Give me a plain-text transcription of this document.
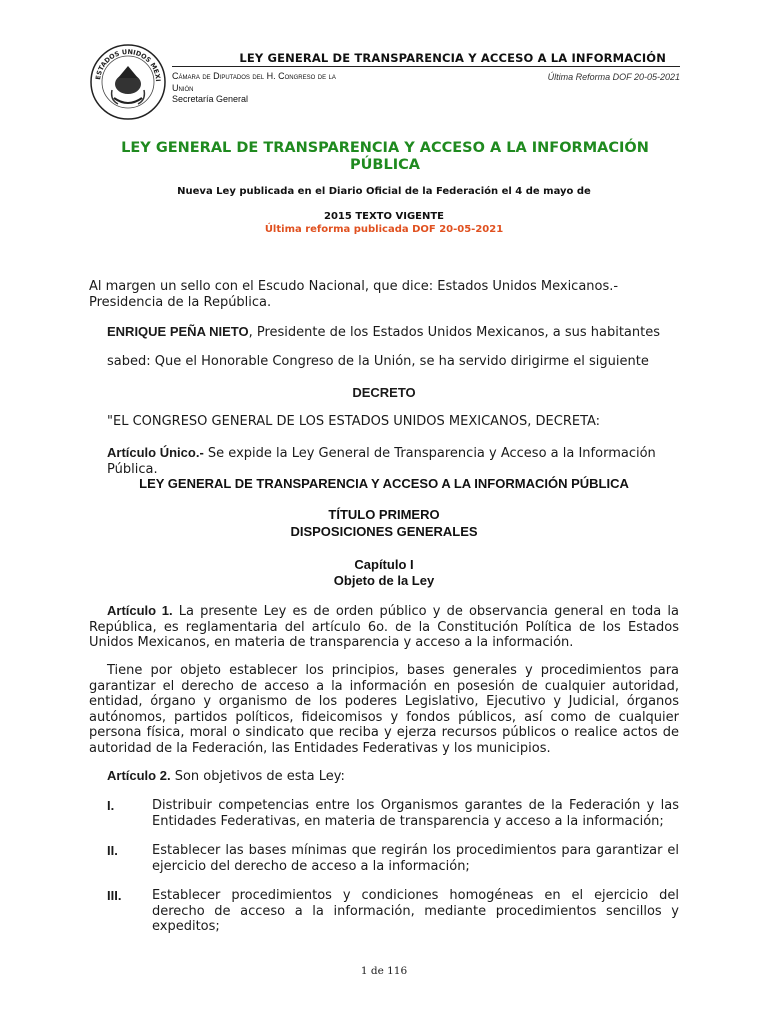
ESTADOS UNIDOS MEXI
LEY GENERAL DE TRANSPARENCIA Y ACCESO A LA INFORMACIÓN
Cámara de Diputados del H. Congreso de la
Unión
Secretaría General
Última Reforma DOF 20-05-2021
LEY GENERAL DE TRANSPARENCIA Y ACCESO A LA INFORMACIÓN
PÚBLICA
Nueva Ley publicada en el Diario Oficial de la Federación el 4 de mayo de
2015 TEXTO VIGENTE
Última reforma publicada DOF 20-05-2021
Al margen un sello con el Escudo Nacional, que dice: Estados Unidos Mexicanos.- Presidencia de la República.
ENRIQUE PEÑA NIETO, Presidente de los Estados Unidos Mexicanos, a sus habitantes
sabed: Que el Honorable Congreso de la Unión, se ha servido dirigirme el siguiente
DECRETO
"EL CONGRESO GENERAL DE LOS ESTADOS UNIDOS MEXICANOS, DECRETA:
Artículo Único.- Se expide la Ley General de Transparencia y Acceso a la Información Pública.
LEY GENERAL DE TRANSPARENCIA Y ACCESO A LA INFORMACIÓN PÚBLICA
TÍTULO PRIMERO
DISPOSICIONES GENERALES
Capítulo I
Objeto de la Ley
Artículo 1. La presente Ley es de orden público y de observancia general en toda la República, es reglamentaria del artículo 6o. de la Constitución Política de los Estados Unidos Mexicanos, en materia de transparencia y acceso a la información.
Tiene por objeto establecer los principios, bases generales y procedimientos para garantizar el derecho de acceso a la información en posesión de cualquier autoridad, entidad, órgano y organismo de los poderes Legislativo, Ejecutivo y Judicial, órganos autónomos, partidos políticos, fideicomisos y fondos públicos, así como de cualquier persona física, moral o sindicato que reciba y ejerza recursos públicos o realice actos de autoridad de la Federación, las Entidades Federativas y los municipios.
Artículo 2. Son objetivos de esta Ley:
I.	Distribuir competencias entre los Organismos garantes de la Federación y las Entidades Federativas, en materia de transparencia y acceso a la información;
II.	Establecer las bases mínimas que regirán los procedimientos para garantizar el ejercicio del derecho de acceso a la información;
III. Establecer procedimientos y condiciones homogéneas en el ejercicio del derecho de acceso a la información, mediante procedimientos sencillos y expeditos;
1 de 116
